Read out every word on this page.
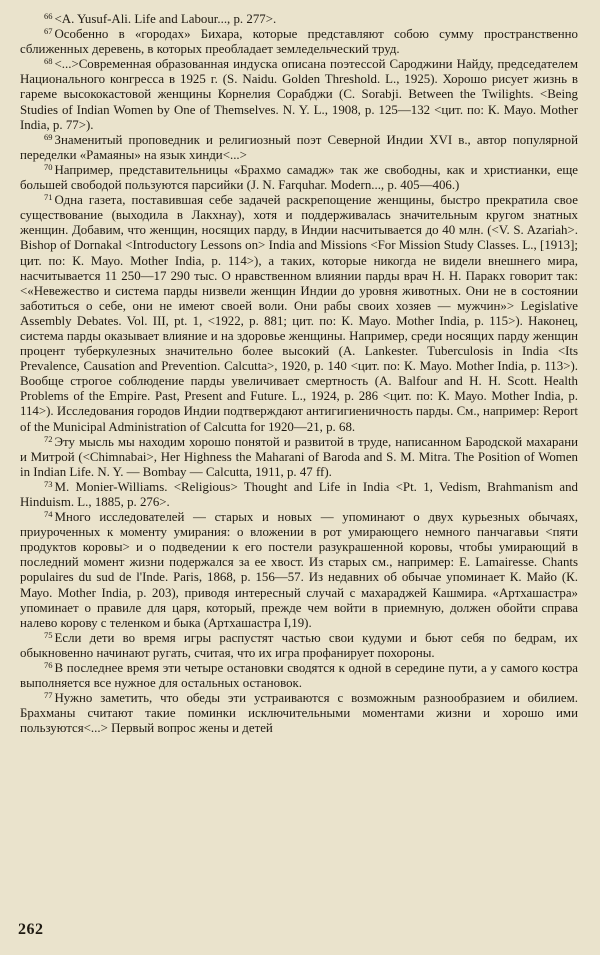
$^{66}$ <A. Yusuf-Ali. Life and Labour..., p. 277>.

$^{67}$ Особенно в «городах» Бихара, которые представляют собою сумму пространственно сближенных деревень, в которых преобладает земледельческий труд.

$^{68}$ <...>Современная образованная индуска описана поэтессой Сароджини Найду, председателем Национального конгресса в 1925 г. (S. Naidu. Golden Threshold. L., 1925). Хорошо рисует жизнь в гареме высококастовой женщины Корнелия Сорабджи (C. Sorabji. Between the Twilights. <Being Studies of Indian Women by One of Themselves. N. Y. L., 1908, p. 125—132 <цит. по: К. Мауо. Mother India, p. 77>).

$^{69}$ Знаменитый проповедник и религиозный поэт Северной Индии XVI в., автор популярной переделки «Рамаяны» на язык хинди<...>

$^{70}$ Например, представительницы «Брахмо самадж» так же свободны, как и христианки, еще большей свободой пользуются парсийки (J. N. Farquhar. Modern..., p. 405—406.)

$^{71}$ Одна газета, поставившая себе задачей раскрепощение женщины, быстро прекратила свое существование (выходила в Лакхнау), хотя и поддерживалась значительным кругом знатных женщин. Добавим, что женщин, носящих парду, в Индии насчитывается до 40 млн. (<V. S. Azariah>. Bishop of Dornakal <Introductory Lessons on> India and Missions <For Mission Study Classes. L., [1913]; цит. по: К. Мауо. Mother India, p. 114>), а таких, которые никогда не видели внешнего мира, насчитывается 11 250—17 290 тыс. О нравственном влиянии парды врач Н. Н. Паракх говорит так: <«Невежество и система парды низвели женщин Индии до уровня животных. Они не в состоянии заботиться о себе, они не имеют своей воли. Они рабы своих хозяев — мужчин»> Legislative Assembly Debates. Vol. III, pt. 1, <1922, p. 881; цит. по: К. Мауо. Mother India, p. 115>). Наконец, система парды оказывает влияние и на здоровье женщины. Например, среди носящих парду женщин процент туберкулезных значительно более высокий (A. Lankester. Tuberculosis in India <Its Prevalence, Causation and Prevention. Calcutta>, 1920, p. 140 <цит. по: К. Мауо. Mother India, p. 113>). Вообще строгое соблюдение парды увеличивает смертность (A. Balfour and H. H. Scott. Health Problems of the Empire. Past, Present and Future. L., 1924, p. 286 <цит. по: К. Мауо. Mother India, p. 114>). Исследования городов Индии подтверждают антигигиеничность парды. См., например: Report of the Municipal Administration of Calcutta for 1920—21, p. 68.

$^{72}$ Эту мысль мы находим хорошо понятой и развитой в труде, написанном Бародской махарани и Митрой (<Chimnabai>, Her Highness the Maharani of Baroda and S. M. Mitra. The Position of Women in Indian Life. N. Y. — Bombay — Calcutta, 1911, p. 47 ff).

$^{73}$ M. Monier-Williams. <Religious> Thought and Life in India <Pt. 1, Vedism, Brahmanism and Hinduism. L., 1885, p. 276>.

$^{74}$ Много исследователей — старых и новых — упоминают о двух курьезных обычаях, приуроченных к моменту умирания: о вложении в рот умирающего немного панчагавьи <пяти продуктов коровы> и о подведении к его постели разукрашенной коровы, чтобы умирающий в последний момент жизни подержался за ее хвост. Из старых см., например: E. Lamairesse. Chants populaires du sud de l'Inde. Paris, 1868, p. 156—57. Из недавних об обычае упоминает К. Майо (К. Мауо. Mother India, p. 203), приводя интересный случай с махараджей Кашмира. «Артхашастра» упоминает о правиле для царя, который, прежде чем войти в приемную, должен обойти справа налево корову с теленком и быка (Артхашастра I,19).

$^{75}$ Если дети во время игры распустят частью свои кудуми и бьют себя по бедрам, их обыкновенно начинают ругать, считая, что их игра профанирует похороны.

$^{76}$ В последнее время эти четыре остановки сводятся к одной в середине пути, а у самого костра выполняется все нужное для остальных остановок.

$^{77}$ Нужно заметить, что обеды эти устраиваются с возможным разнообразием и обилием. Брахманы считают такие поминки исключительными моментами жизни и хорошо ими пользуются<...> Первый вопрос жены и детей

262
